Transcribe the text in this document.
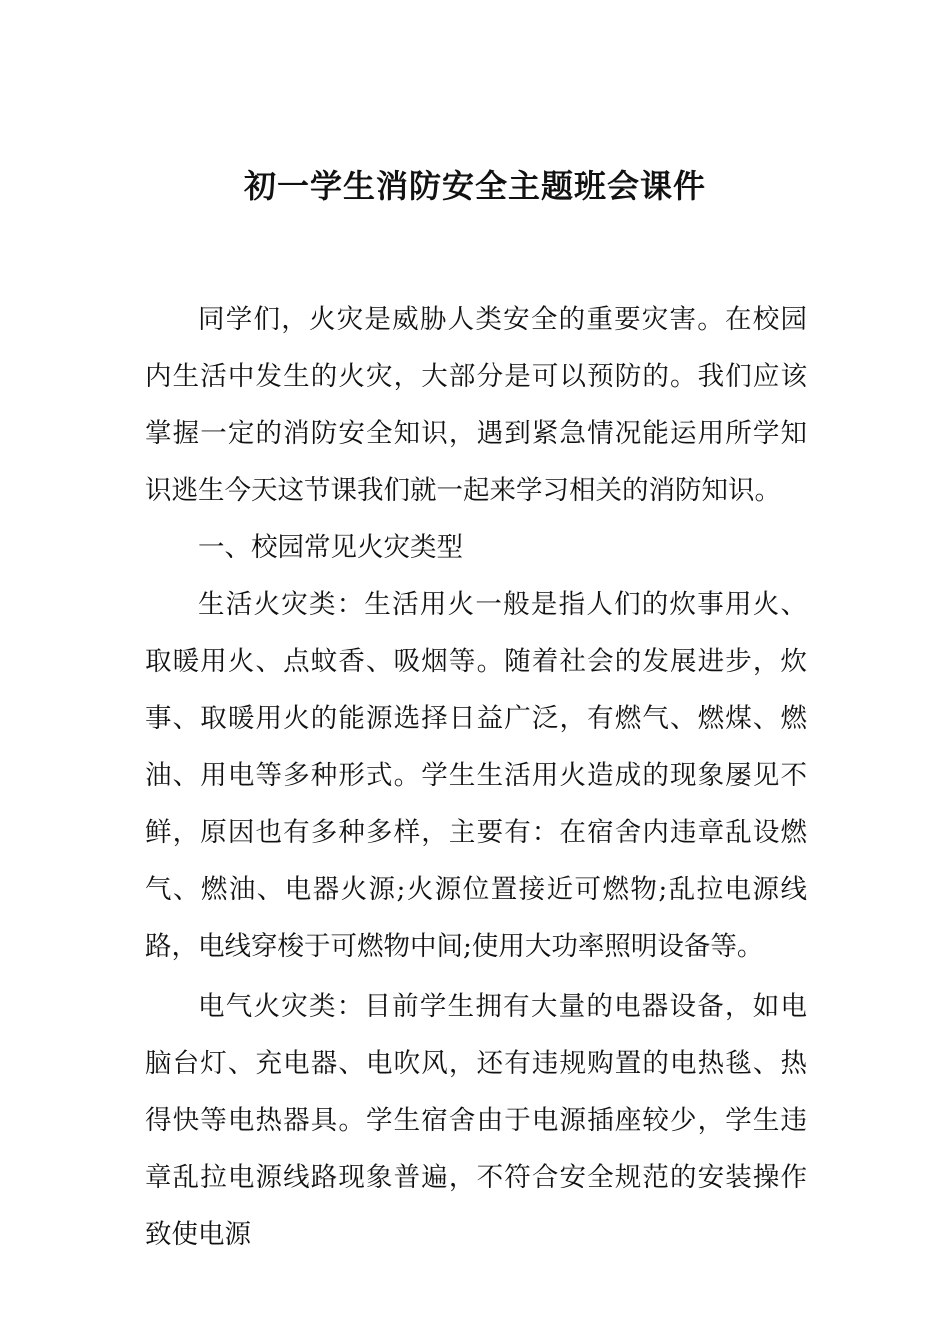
初一学生消防安全主题班会课件

同学们，火灾是威胁人类安全的重要灾害。在校园内生活中发生的火灾，大部分是可以预防的。我们应该掌握一定的消防安全知识，遇到紧急情况能运用所学知识逃生今天这节课我们就一起来学习相关的消防知识。

一、校园常见火灾类型

生活火灾类：生活用火一般是指人们的炊事用火、取暖用火、点蚊香、吸烟等。随着社会的发展进步，炊事、取暖用火的能源选择日益广泛，有燃气、燃煤、燃油、用电等多种形式。学生生活用火造成的现象屡见不鲜，原因也有多种多样，主要有：在宿舍内违章乱设燃气、燃油、电器火源;火源位置接近可燃物;乱拉电源线路，电线穿梭于可燃物中间;使用大功率照明设备等。

电气火灾类：目前学生拥有大量的电器设备，如电脑台灯、充电器、电吹风，还有违规购置的电热毯、热得快等电热器具。学生宿舍由于电源插座较少，学生违章乱拉电源线路现象普遍，不符合安全规范的安装操作致使电源
